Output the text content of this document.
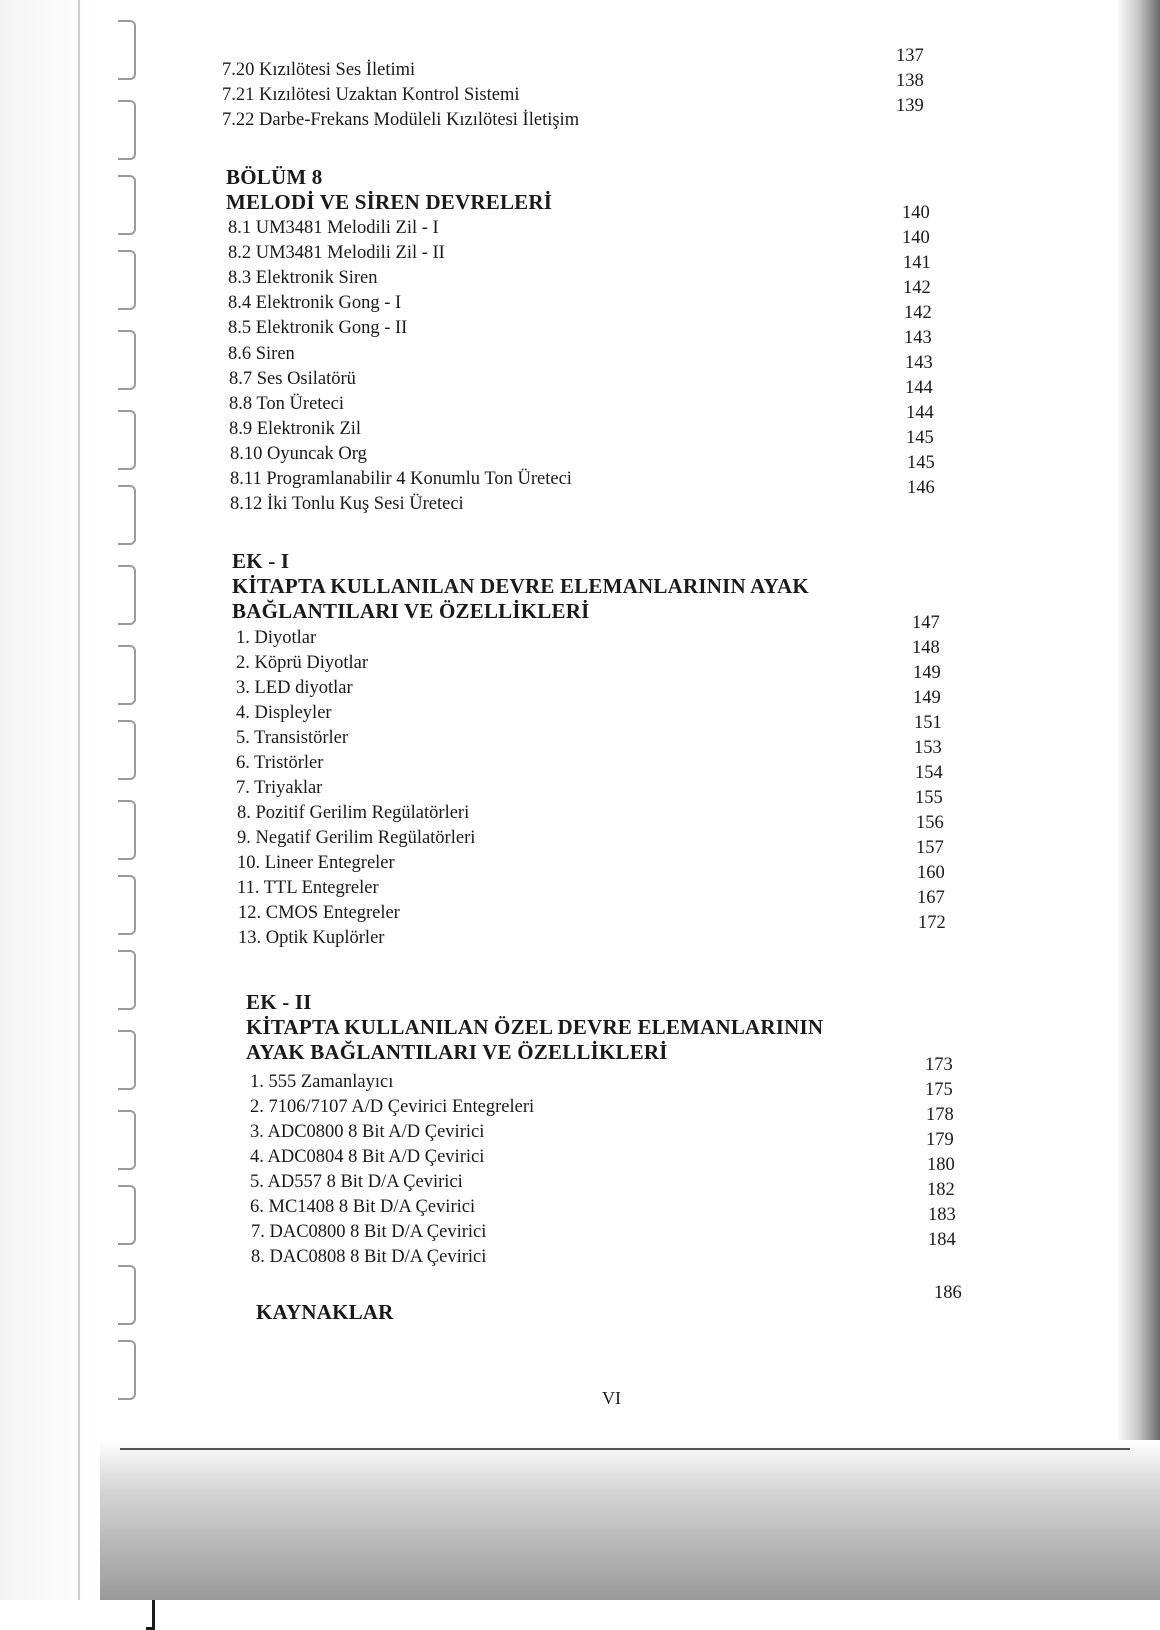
7.20 Kızılötesi Ses İletimi
137
7.21 Kızılötesi Uzaktan Kontrol Sistemi
138
7.22 Darbe-Frekans Modüleli Kızılötesi İletişim
139
BÖLÜM 8
MELODİ VE SİREN DEVRELERİ
8.1 UM3481 Melodili Zil - I
140
8.2 UM3481 Melodili Zil - II
140
8.3 Elektronik Siren
141
8.4 Elektronik Gong - I
142
8.5 Elektronik Gong - II
142
8.6 Siren
143
8.7 Ses Osilatörü
143
8.8 Ton Üreteci
144
8.9 Elektronik Zil
144
8.10 Oyuncak Org
145
8.11 Programlanabilir 4 Konumlu Ton Üreteci
145
8.12 İki Tonlu Kuş Sesi Üreteci
146
EK - I
KİTAPTA KULLANILAN DEVRE ELEMANLARININ AYAK
BAĞLANTILARI VE ÖZELLİKLERİ
1. Diyotlar
147
2. Köprü Diyotlar
148
3. LED diyotlar
149
4. Displeyler
149
5. Transistörler
151
6. Tristörler
153
7. Triyaklar
154
8. Pozitif Gerilim Regülatörleri
155
9. Negatif Gerilim Regülatörleri
156
10. Lineer Entegreler
157
11. TTL Entegreler
160
12. CMOS Entegreler
167
13. Optik Kuplörler
172
EK - II
KİTAPTA KULLANILAN ÖZEL DEVRE ELEMANLARININ
AYAK BAĞLANTILARI VE ÖZELLİKLERİ
1. 555 Zamanlayıcı
173
2. 7106/7107 A/D Çevirici Entegreleri
175
3. ADC0800 8 Bit A/D Çevirici
178
4. ADC0804 8 Bit A/D Çevirici
179
5. AD557 8 Bit D/A Çevirici
180
6. MC1408 8 Bit D/A Çevirici
182
7. DAC0800 8 Bit D/A Çevirici
183
8. DAC0808 8 Bit D/A Çevirici
184
KAYNAKLAR
186
VI
